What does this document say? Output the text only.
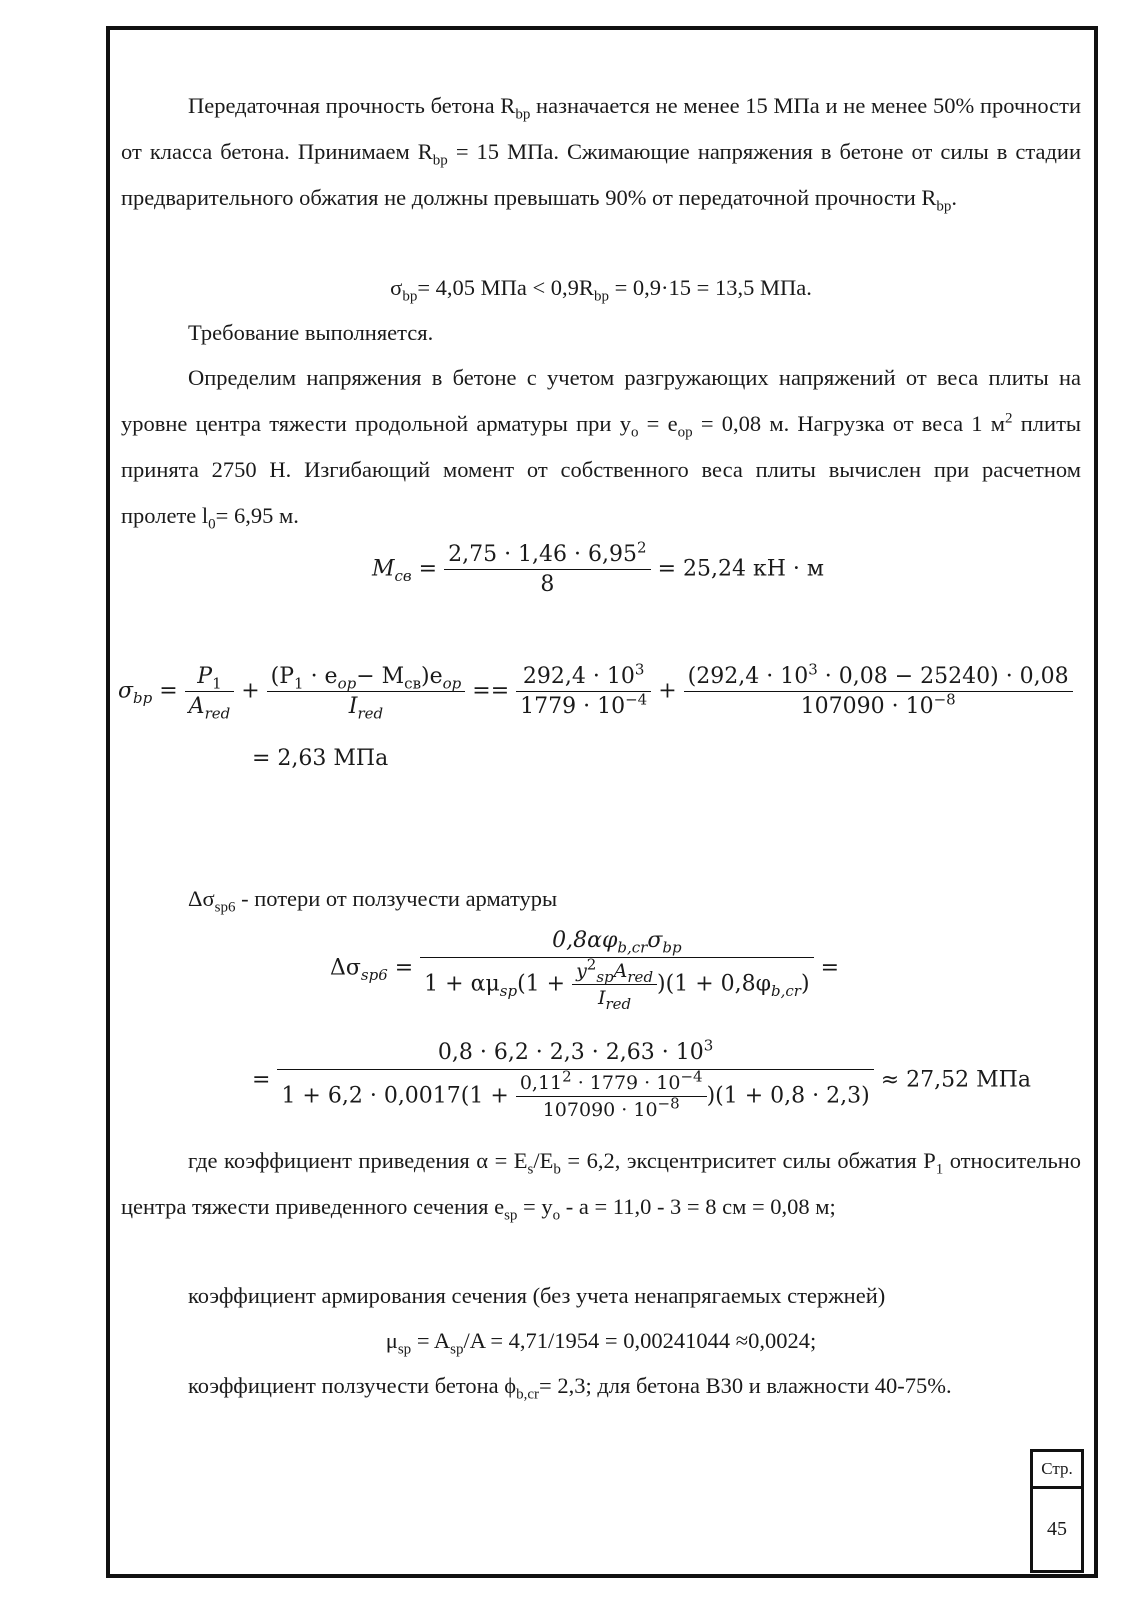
Передаточная прочность бетона $R_{bp}$ назначается не менее 15 МПа и не менее 50% прочности от класса бетона. Принимаем $R_{bp} = 15$ МПа. Сжимающие напряжения в бетоне от силы в стадии предварительного обжатия не должны превышать 90% от передаточной прочности $R_{bp}$.

$\sigma_{bp}= 4,05$ МПа < $0,9R_{bp} = 0,9\cdot 15 = 13,5$ МПа.

Требование выполняется.

Определим напряжения в бетоне с учетом разгружающих напряжений от веса плиты на уровне центра тяжести продольной арматуры при $y_o = e_{op} = 0,08$ м. Нагрузка от веса 1 $м^2$ плиты принята 2750 Н. Изгибающий момент от собственного веса плиты вычислен при расчетном пролете $l_0= 6,95$ м.

$M_{св} = \frac{2,75 \cdot 1,46 \cdot 6,95^2}{8} = 25,24$ кН · м
$\sigma_{bp} = \frac{P_1}{A_{red}} + \frac{(P_1 \cdot e_{op}- M_{св})e_{op}}{I_{red}} == \frac{292,4 \cdot 10^3}{1779 \cdot 10^{-4}} + \frac{(292,4 \cdot 10^3 \cdot 0,08 - 25240) \cdot 0,08}{107090 \cdot 10^{-8}}$
= 2,63 МПа

$\Delta\sigma_{sp6}$ - потери от ползучести арматуры

$\Delta\sigma_{sp6} = \frac{0,8\alpha\varphi_{b,cr}\sigma_{bp}}{1 + \alpha\mu_{sp}(1 + \frac{y^2_{sp}A_{red}}{I_{red}} )(1 + 0,8\varphi_{b,cr})}$ =
=
$0,8 \cdot 6,2 \cdot 2,3 \cdot 2,63 \cdot 10^3$
$1 + 6,2 \cdot 0,0017(1 + \frac{0,11^2 \cdot 1779 \cdot 10^{-4}}{107090 \cdot 10^{-8}} )(1 + 0,8 \cdot 2,3)$
≈ 27,52 МПа

где коэффициент приведения $\alpha = E_s/E_b = 6,2$, эксцентриситет силы обжатия $P_1$ относительно центра тяжести приведенного сечения $e_{sp} = y_o - a = 11,0 - 3 = 8$ см = 0,08 м;

коэффициент армирования сечения (без учета ненапрягаемых стержней)

$\mu_{sp} = A_{sp}/A = 4,71/1954 = 0,00241044 \approx 0,0024$;

коэффициент ползучести бетона $\phi_{b,cr}= 2,3$; для бетона В30 и влажности 40-75%.

Стр.
45
